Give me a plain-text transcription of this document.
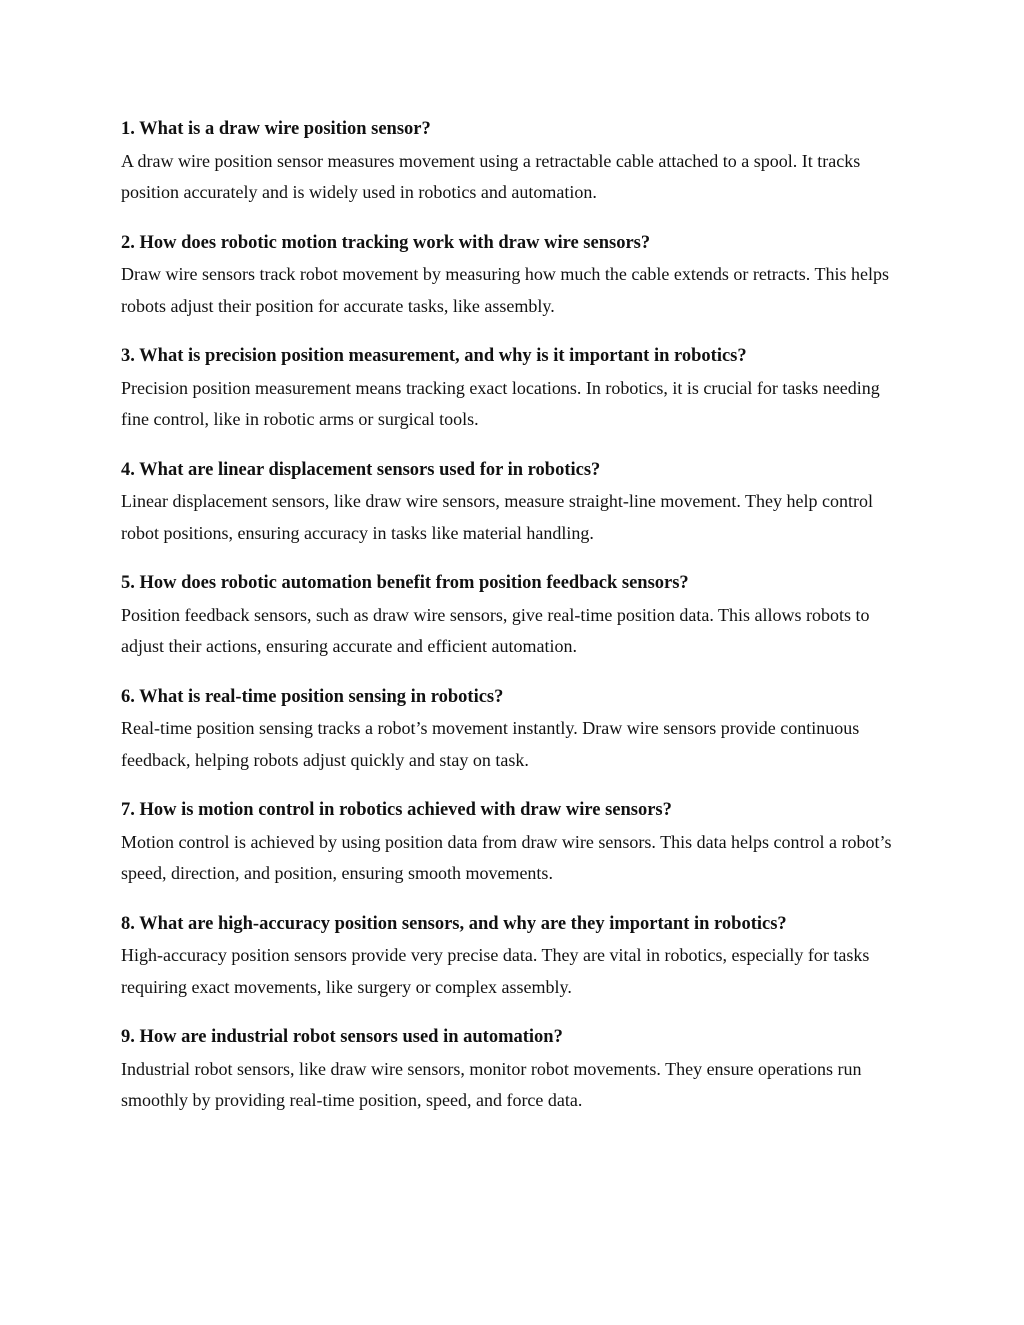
1. What is a draw wire position sensor?

A draw wire position sensor measures movement using a retractable cable attached to a spool. It tracks position accurately and is widely used in robotics and automation.

2. How does robotic motion tracking work with draw wire sensors?

Draw wire sensors track robot movement by measuring how much the cable extends or retracts. This helps robots adjust their position for accurate tasks, like assembly.

3. What is precision position measurement, and why is it important in robotics?

Precision position measurement means tracking exact locations. In robotics, it is crucial for tasks needing fine control, like in robotic arms or surgical tools.

4. What are linear displacement sensors used for in robotics?

Linear displacement sensors, like draw wire sensors, measure straight-line movement. They help control robot positions, ensuring accuracy in tasks like material handling.

5. How does robotic automation benefit from position feedback sensors?

Position feedback sensors, such as draw wire sensors, give real-time position data. This allows robots to adjust their actions, ensuring accurate and efficient automation.

6. What is real-time position sensing in robotics?

Real-time position sensing tracks a robot’s movement instantly. Draw wire sensors provide continuous feedback, helping robots adjust quickly and stay on task.

7. How is motion control in robotics achieved with draw wire sensors?

Motion control is achieved by using position data from draw wire sensors. This data helps control a robot’s speed, direction, and position, ensuring smooth movements.

8. What are high-accuracy position sensors, and why are they important in robotics?

High-accuracy position sensors provide very precise data. They are vital in robotics, especially for tasks requiring exact movements, like surgery or complex assembly.

9. How are industrial robot sensors used in automation?

Industrial robot sensors, like draw wire sensors, monitor robot movements. They ensure operations run smoothly by providing real-time position, speed, and force data.
